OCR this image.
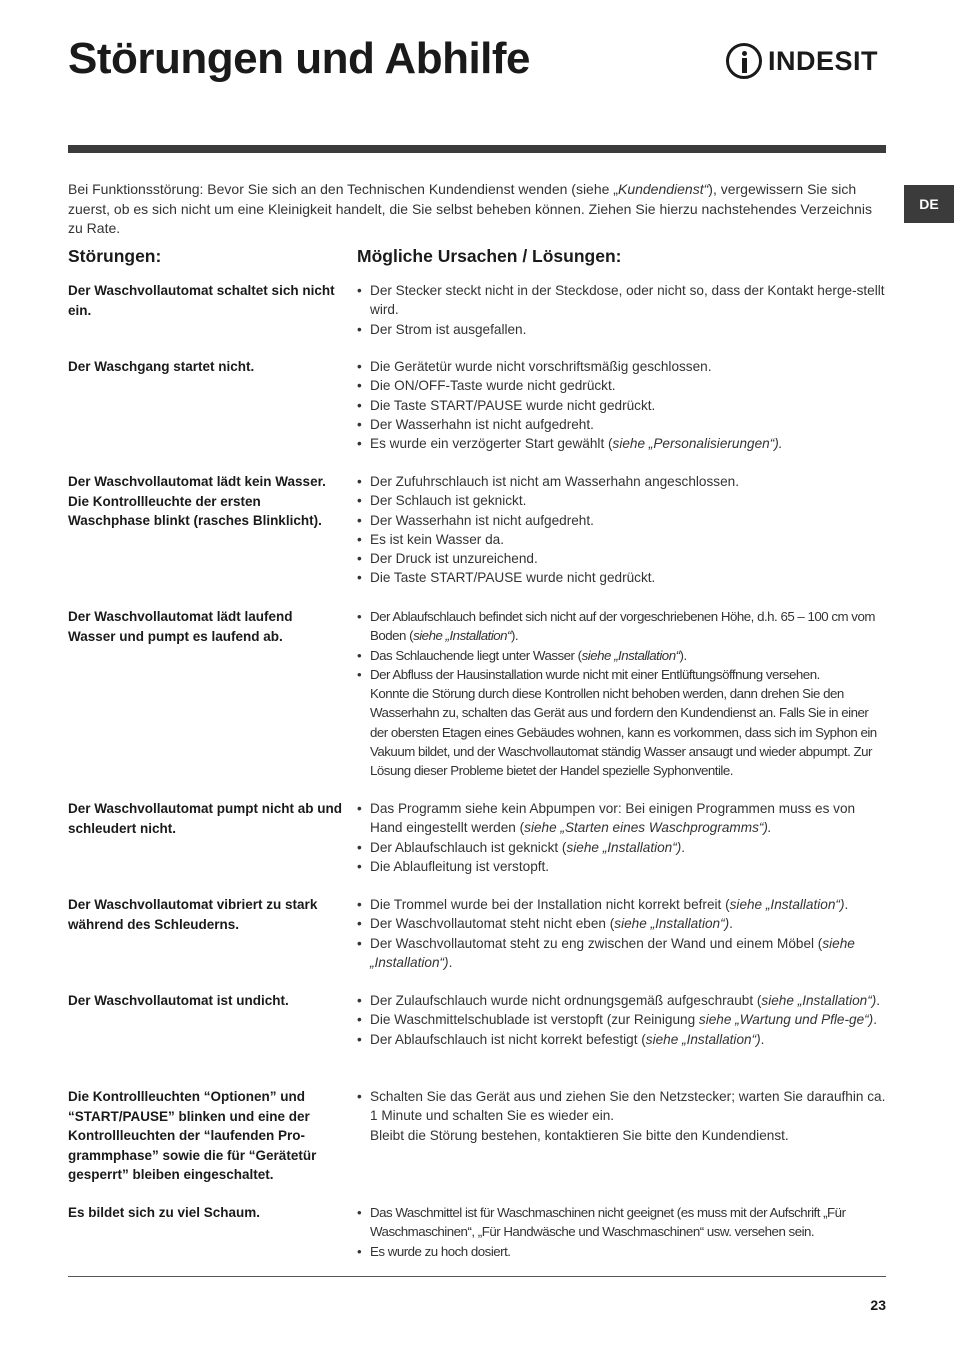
Störungen und Abhilfe	INDESIT
DE

Bei Funktionsstörung: Bevor Sie sich an den Technischen Kundendienst wenden (siehe „Kundendienst“), vergewissern Sie sich zuerst, ob es sich nicht um eine Kleinigkeit handelt, die Sie selbst beheben können. Ziehen Sie hierzu nachstehendes Verzeichnis zu Rate.

Störungen:	Mögliche Ursachen / Lösungen:

Der Waschvollautomat schaltet sich nicht ein.

• Der Stecker steckt nicht in der Steckdose, oder nicht so, dass der Kontakt herge-stellt wird.
• Der Strom ist ausgefallen.

Der Waschgang startet nicht.	• Die Gerätetür wurde nicht vorschriftsmäßig geschlossen.
• Die ON/OFF-Taste wurde nicht gedrückt.
• Die Taste START/PAUSE wurde nicht gedrückt.
• Der Wasserhahn ist nicht aufgedreht.
• Es wurde ein verzögerter Start gewählt (siehe „Personalisierungen“).

Der Waschvollautomat lädt kein Wasser. Die Kontrollleuchte der ersten Waschphase blinkt (rasches Blinklicht).

• Der Zufuhrschlauch ist nicht am Wasserhahn angeschlossen.
• Der Schlauch ist geknickt.
• Der Wasserhahn ist nicht aufgedreht.
• Es ist kein Wasser da.
• Der Druck ist unzureichend.
• Die Taste START/PAUSE wurde nicht gedrückt.

Der Waschvollautomat lädt laufend Wasser und pumpt es laufend ab.

• Der Ablaufschlauch befindet sich nicht auf der vorgeschriebenen Höhe, d.h. 65 – 100 cm vom Boden (siehe „Installation“).
• Das Schlauchende liegt unter Wasser (siehe „Installation“).
• Der Abfluss der Hausinstallation wurde nicht mit einer Entlüftungsöffnung versehen.
Konnte die Störung durch diese Kontrollen nicht behoben werden, dann drehen Sie den Wasserhahn zu, schalten das Gerät aus und fordern den Kundendienst an. Falls Sie in einer der obersten Etagen eines Gebäudes wohnen, kann es vorkommen, dass sich im Syphon ein Vakuum bildet, und der Waschvollautomat ständig Wasser ansaugt und wieder abpumpt. Zur Lösung dieser Probleme bietet der Handel spezielle Syphonventile.

Der Waschvollautomat pumpt nicht ab und schleudert nicht.

• Das Programm siehe kein Abpumpen vor: Bei einigen Programmen muss es von Hand eingestellt werden (siehe „Starten eines Waschprogramms“).
• Der Ablaufschlauch ist geknickt (siehe „Installation“).
• Die Ablaufleitung ist verstopft.

Der Waschvollautomat vibriert zu stark während des Schleuderns.

• Die Trommel wurde bei der Installation nicht korrekt befreit (siehe „Installation“).
• Der Waschvollautomat steht nicht eben (siehe „Installation“).
• Der Waschvollautomat steht zu eng zwischen der Wand und einem Möbel (siehe „Installation“).

Der Waschvollautomat ist undicht.	• Der Zulaufschlauch wurde nicht ordnungsgemäß aufgeschraubt (siehe „Installation“).
• Die Waschmittelschublade ist verstopft (zur Reinigung siehe „Wartung und Pfle-ge“).
• Der Ablaufschlauch ist nicht korrekt befestigt (siehe „Installation“).

Die Kontrollleuchten “Optionen” und “START/PAUSE” blinken und eine der Kontrollleuchten der “laufenden Pro-grammphase” sowie die für “Gerätetür gesperrt” bleiben eingeschaltet.

• Schalten Sie das Gerät aus und ziehen Sie den Netzstecker; warten Sie daraufhin ca. 1 Minute und schalten Sie es wieder ein.
Bleibt die Störung bestehen, kontaktieren Sie bitte den Kundendienst.

Es bildet sich zu viel Schaum.	• Das Waschmittel ist für Waschmaschinen nicht geeignet (es muss mit der Aufschrift „Für Waschmaschinen“, „Für Handwäsche und Waschmaschinen“ usw. versehen sein.
• Es wurde zu hoch dosiert.
23
